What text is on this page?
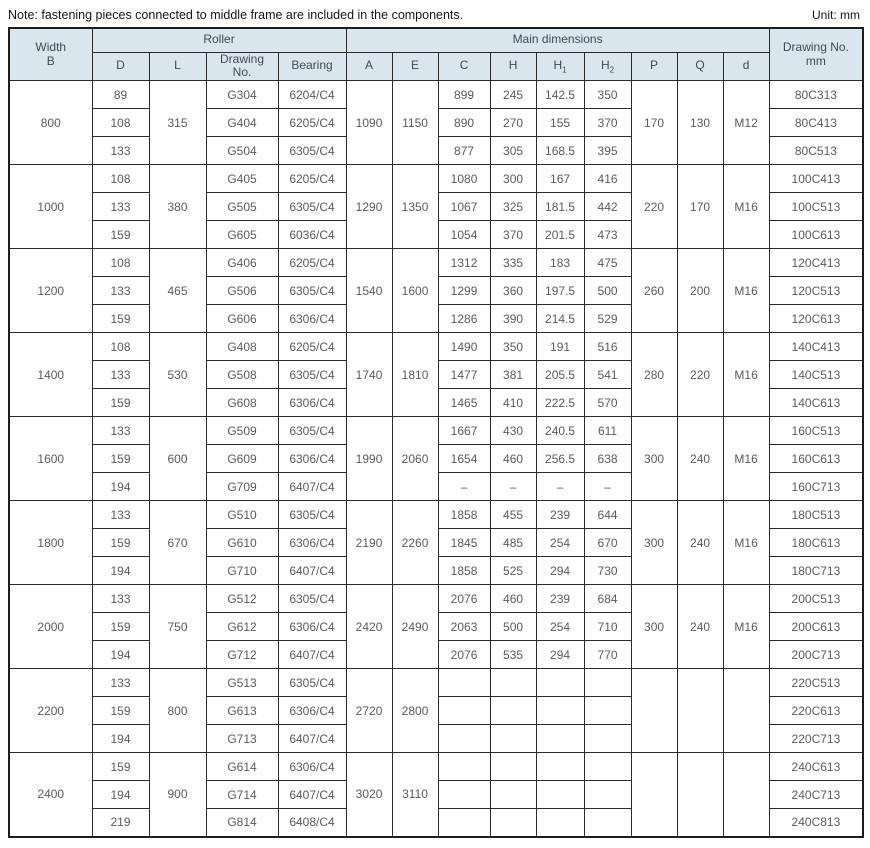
Note: fastening pieces connected to middle frame are included in the components.	Unit: mm
Width
B	Roller				Main dimensions									Drawing No.
mm
	D	L	Drawing
No.	Bearing	A	E	C	H	$H_1$	$H_2$	P	Q	d	
800	89	315	G304	6204/C4	1090	1150	899	245	142.5	350	170	130	M12	80C313
	108		G404	6205/C4			890	270	155	370				80C413
	133		G504	6305/C4			877	305	168.5	395				80C513
1000	108	380	G405	6205/C4	1290	1350	1080	300	167	416	220	170	M16	100C413
	133		G505	6305/C4			1067	325	181.5	442				100C513
	159		G605	6036/C4			1054	370	201.5	473				100C613
1200	108	465	G406	6205/C4	1540	1600	1312	335	183	475	260	200	M16	120C413
	133		G506	6305/C4			1299	360	197.5	500				120C513
	159		G606	6306/C4			1286	390	214.5	529				120C613
1400	108	530	G408	6205/C4	1740	1810	1490	350	191	516	280	220	M16	140C413
	133		G508	6305/C4			1477	381	205.5	541				140C513
	159		G608	6306/C4			1465	410	222.5	570				140C613
1600	133	600	G509	6305/C4	1990	2060	1667	430	240.5	611	300	240	M16	160C513
	159		G609	6306/C4			1654	460	256.5	638				160C613
	194		G709	6407/C4			–	–	–	–				160C713
1800	133	670	G510	6305/C4	2190	2260	1858	455	239	644	300	240	M16	180C513
	159		G610	6306/C4			1845	485	254	670				180C613
	194		G710	6407/C4			1858	525	294	730				180C713
2000	133	750	G512	6305/C4	2420	2490	2076	460	239	684	300	240	M16	200C513
	159		G612	6306/C4			2063	500	254	710				200C613
	194		G712	6407/C4			2076	535	294	770				200C713
2200	133	800	G513	6305/C4	2720	2800								220C513
	159		G613	6306/C4										220C613
	194		G713	6407/C4										220C713
2400	159	900	G614	6306/C4	3020	3110								240C613
	194		G714	6407/C4										240C713
	219		G814	6408/C4										240C813
